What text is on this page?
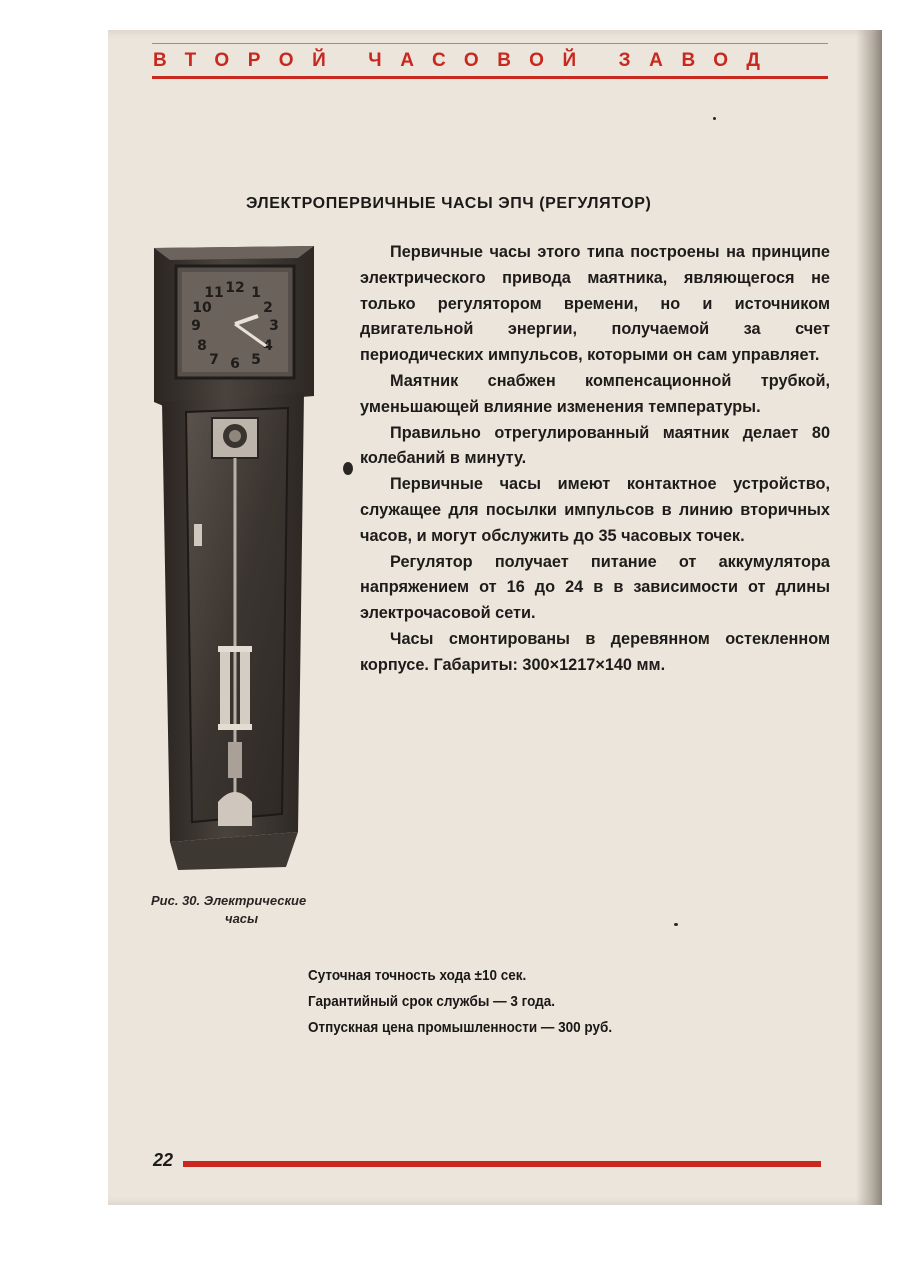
ВТОРОЙ ЧАСОВОЙ ЗАВОД
ЭЛЕКТРОПЕРВИЧНЫЕ ЧАСЫ ЭПЧ (РЕГУЛЯТОР)
12
3
6
9
11 1
2
4
5
7
8
10
Рис. 30. Электрические
часы

Первичные часы этого типа построены на принципе электрического привода маятника, являющегося не только регулятором времени, но и источником двигательной энергии, получаемой за счет периодических импульсов, которыми он сам управляет.

Маятник снабжен компенсационной трубкой, уменьшающей влияние изменения температуры.

Правильно отрегулированный маятник делает 80 колебаний в минуту.

Первичные часы имеют контактное устройство, служащее для посылки импульсов в линию вторичных часов, и могут обслужить до 35 часовых точек.

Регулятор получает питание от аккумулятора напряжением от 16 до 24 в в зависимости от длины электрочасовой сети.

Часы смонтированы в деревянном остекленном корпусе. Габариты: 300×1217×140 мм.

Суточная точность хода ±10 сек.
Гарантийный срок службы — 3 года.
Отпускная цена промышленности — 300 руб.
22
